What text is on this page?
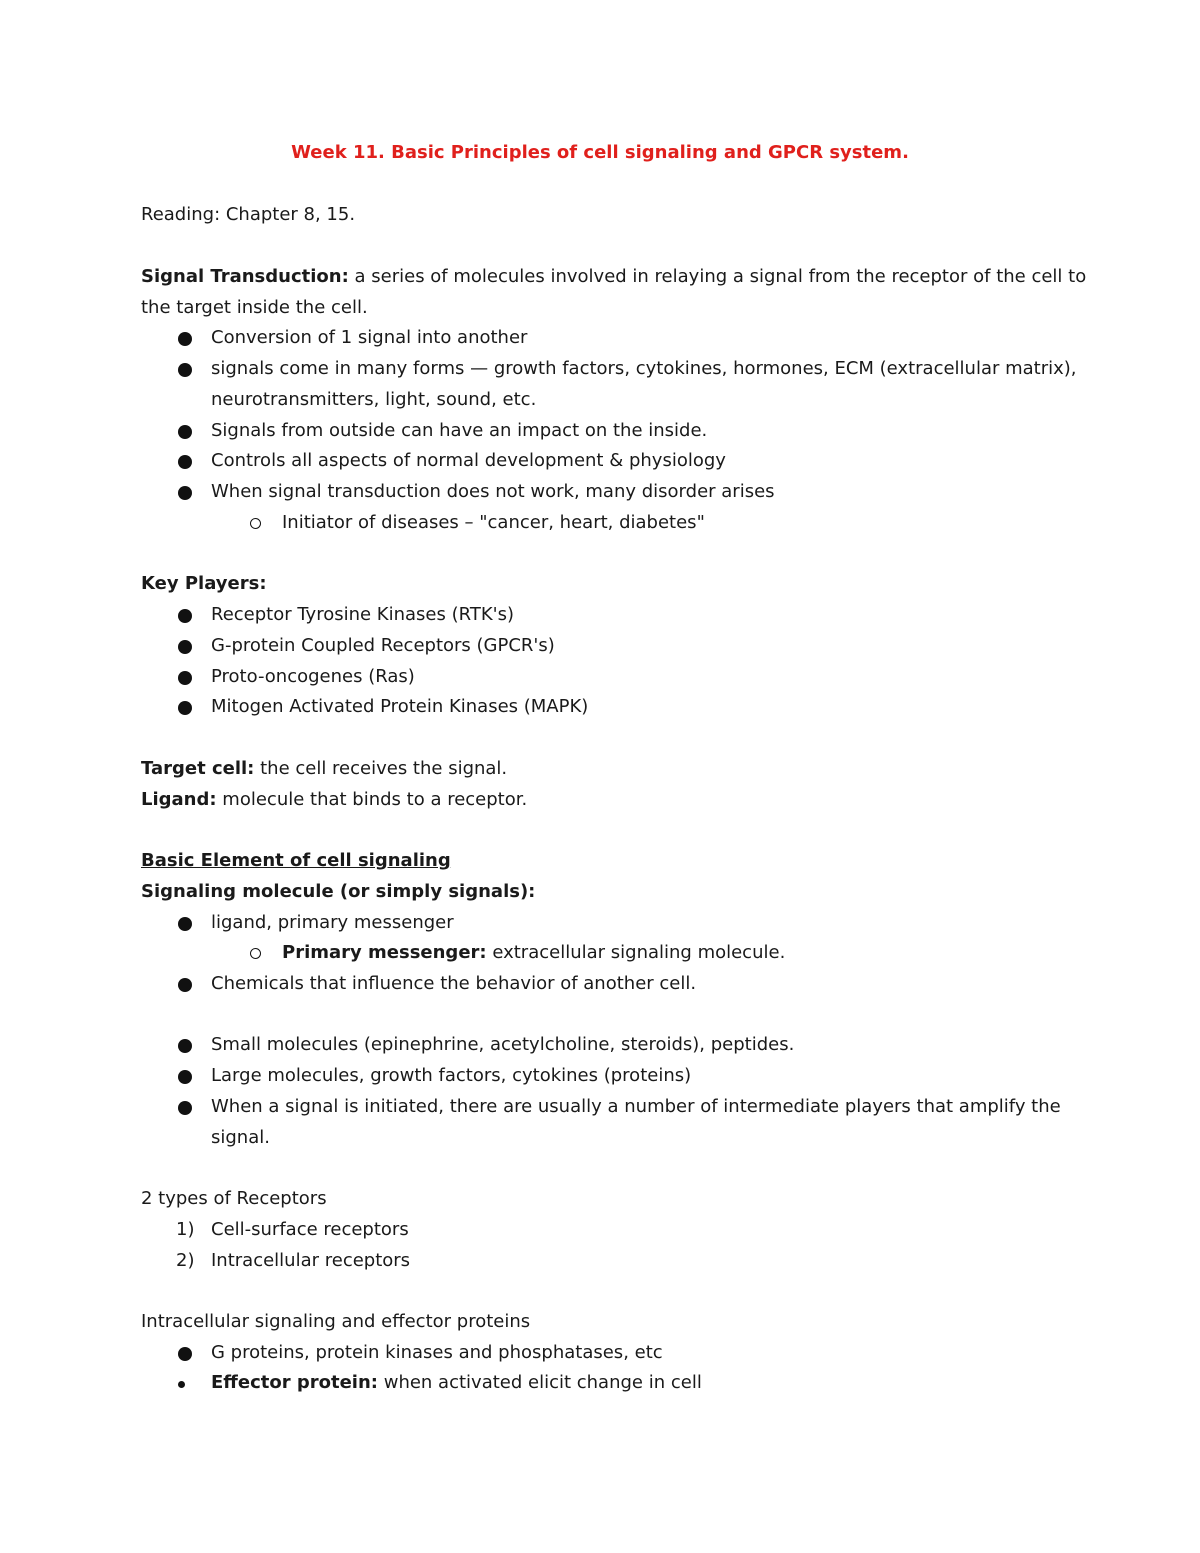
Week 11. Basic Principles of cell signaling and GPCR system.
Reading: Chapter 8, 15.
Signal Transduction: a series of molecules involved in relaying a signal from the receptor of the cell to
the target inside the cell.
Conversion of 1 signal into another
signals come in many forms — growth factors, cytokines, hormones, ECM (extracellular matrix),
neurotransmitters, light, sound, etc.
Signals from outside can have an impact on the inside.
Controls all aspects of normal development & physiology
When signal transduction does not work, many disorder arises
Initiator of diseases – "cancer, heart, diabetes"
Key Players:
Receptor Tyrosine Kinases (RTK's)
G-protein Coupled Receptors (GPCR's)
Proto-oncogenes (Ras)
Mitogen Activated Protein Kinases (MAPK)
Target cell: the cell receives the signal.
Ligand: molecule that binds to a receptor.
Basic Element of cell signaling
Signaling molecule (or simply signals):
ligand, primary messenger
Primary messenger: extracellular signaling molecule.
Chemicals that influence the behavior of another cell.
Small molecules (epinephrine, acetylcholine, steroids), peptides.
Large molecules, growth factors, cytokines (proteins)
When a signal is initiated, there are usually a number of intermediate players that amplify the
signal.
2 types of Receptors
1) Cell-surface receptors
2) Intracellular receptors
Intracellular signaling and effector proteins
G proteins, protein kinases and phosphatases, etc
Effector protein: when activated elicit change in cell
